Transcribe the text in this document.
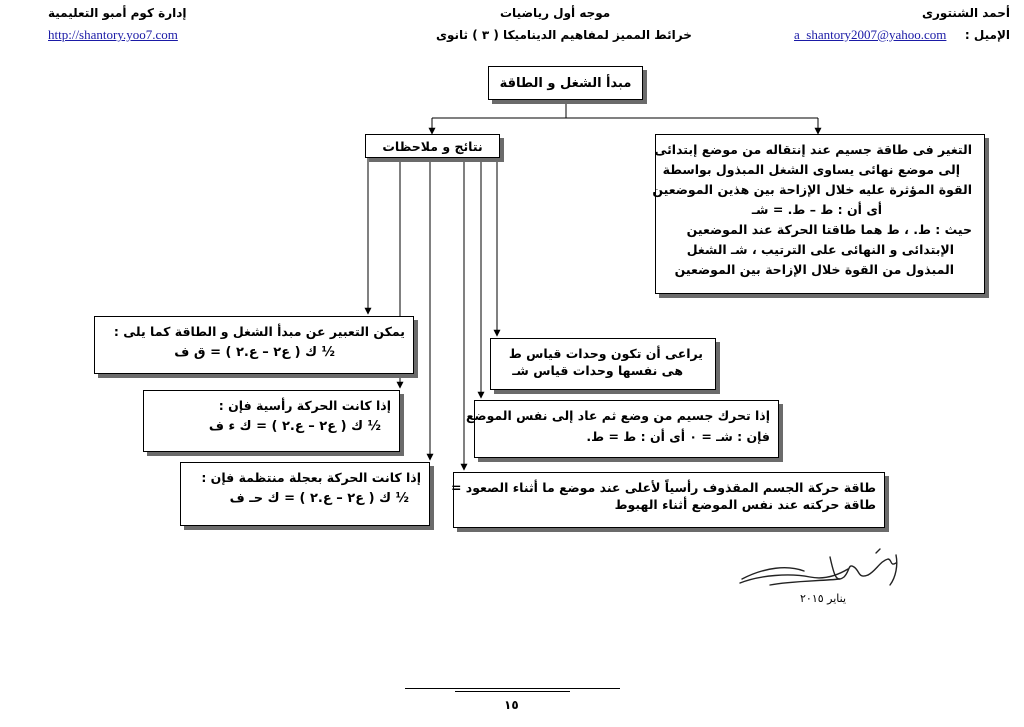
إدارة كوم أمبو التعليمية
http://shantory.yoo7.com
موجه أول رياضيات
خرائط المميز لمفاهيم الديناميكا ( ٣ ) ثانوى
أحمد الشنتورى
الإميل :
a_shantory2007@yahoo.com
مبدأ الشغل و الطاقة
نتائج و ملاحظات	التغير فى طاقة جسيم عند إنتقاله من موضع إبتدائى
إلى موضع نهائى يساوى الشغل المبذول بواسطة
القوة المؤثرة عليه خلال الإزاحة بين هذين الموضعين
أى أن : ط – ط. = شـ
حيث : ط. ، ط هما طاقتا الحركة عند الموضعين
الإبتدائى و النهائى على الترتيب ، شـ الشغل
المبذول من القوة خلال الإزاحة بين الموضعين
يمكن التعبير عن مبدأ الشغل و الطاقة كما يلى :
½ ك ( ع٢ – ع.٢ ) = ق ف
إذا كانت الحركة رأسية فإن :
½ ك ( ع٢ – ع.٢ ) = ك ء ف
إذا كانت الحركة بعجلة منتظمة فإن :
½ ك ( ع٢ – ع.٢ ) = ك حـ ف
يراعى أن تكون وحدات قياس ط
هى نفسها وحدات قياس شـ
إذا تحرك جسيم من وضع ثم عاد إلى نفس الموضع
فإن : شـ = ٠ أى أن : ط = ط.
طاقة حركة الجسم المقذوف رأسياً لأعلى عند موضع ما أثناء الصعود =
طاقة حركته عند نفس الموضع أثناء الهبوط
يناير ٢٠١٥
١٥
